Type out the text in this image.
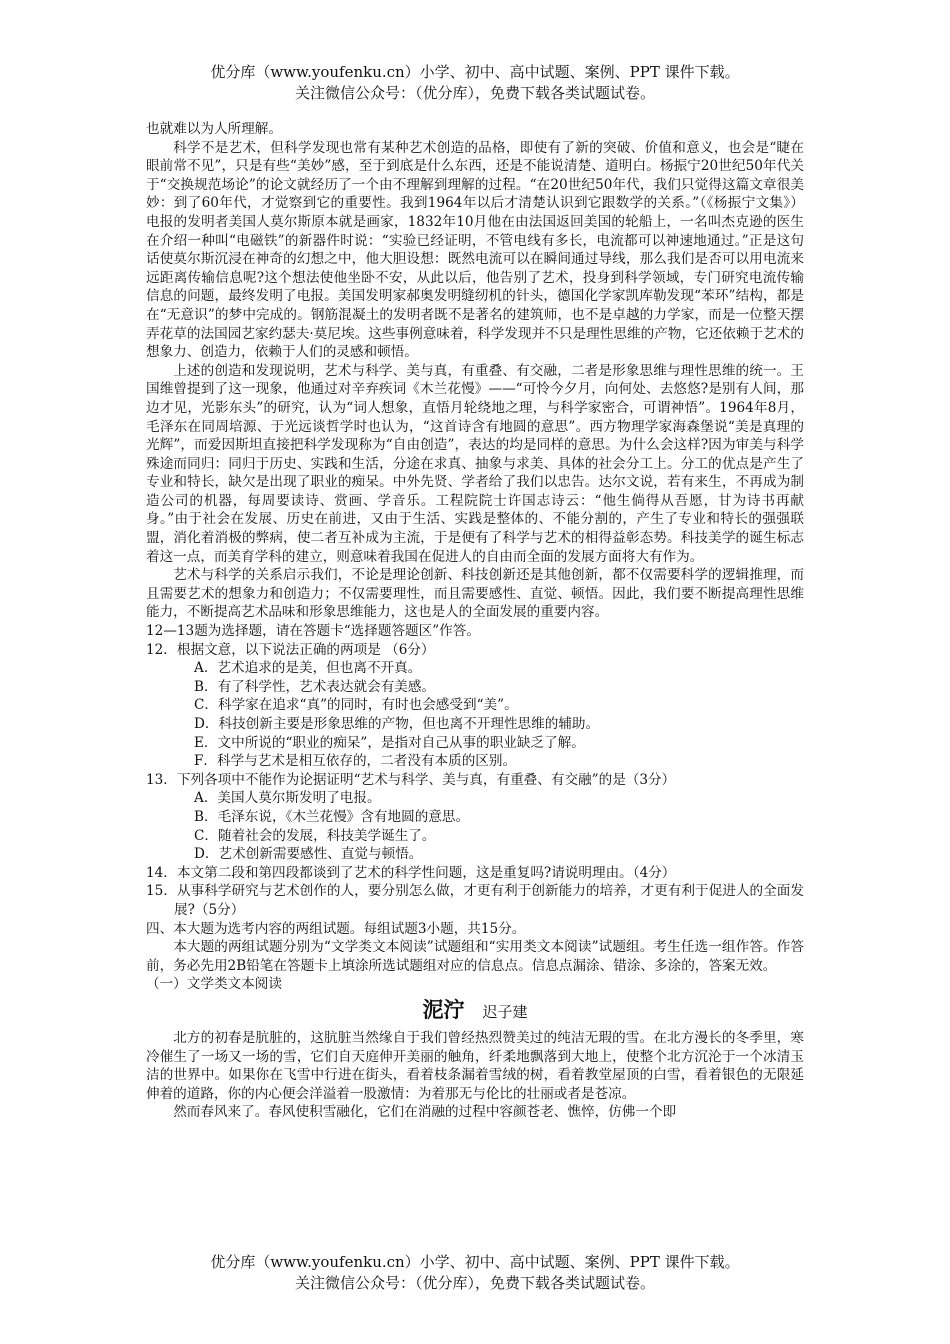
优分库（www.youfenku.cn）小学、初中、高中试题、案例、PPT 课件下载。
关注微信公众号：（优分库），免费下载各类试题试卷。

也就难以为人所理解。

科学不是艺术，但科学发现也常有某种艺术创造的品格，即使有了新的突破、价值和意义，也会是“睫在眼前常不见”，只是有些“美妙”感，至于到底是什么东西，还是不能说清楚、道明白。杨振宁20世纪50年代关于“交换规范场论”的论文就经历了一个由不理解到理解的过程。“在20世纪50年代，我们只觉得这篇文章很美妙：到了60年代，才觉察到它的重要性。我到1964年以后才清楚认识到它跟数学的关系。”（《杨振宁文集》） 电报的发明者美国人莫尔斯原本就是画家，1832年10月他在由法国返回美国的轮船上，一名叫杰克逊的医生在介绍一种叫“电磁铁”的新器件时说：“实验已经证明，不管电线有多长，电流都可以神速地通过。”正是这句话使莫尔斯沉浸在神奇的幻想之中，他大胆设想：既然电流可以在瞬间通过导线，那么我们是否可以用电流来远距离传输信息呢?这个想法使他坐卧不安，从此以后，他告别了艺术，投身到科学领域，专门研究电流传输信息的问题，最终发明了电报。美国发明家郝奥发明缝纫机的针头，德国化学家凯库勒发现“苯环”结构，都是在“无意识”的梦中完成的。钢筋混凝土的发明者既不是著名的建筑师，也不是卓越的力学家，而是一位整天摆弄花草的法国园艺家约瑟夫·莫尼埃。这些事例意味着，科学发现并不只是理性思维的产物，它还依赖于艺术的想象力、创造力，依赖于人们的灵感和顿悟。

上述的创造和发现说明，艺术与科学、美与真，有重叠、有交融，二者是形象思维与理性思维的统一。王国维曾提到了这一现象，他通过对辛弃疾词《木兰花慢》——“可怜今夕月，向何处、去悠悠?是别有人间，那边才见，光影东头”的研究，认为“词人想象，直悟月轮绕地之理，与科学家密合，可谓神悟”。1964年8月，毛泽东在同周培源、于光远谈哲学时也认为，“这首诗含有地圆的意思”。西方物理学家海森堡说“美是真理的光辉”，而爱因斯坦直接把科学发现称为“自由创造”，表达的均是同样的意思。为什么会这样?因为审美与科学殊途而同归：同归于历史、实践和生活，分途在求真、抽象与求美、具体的社会分工上。分工的优点是产生了专业和特长，缺欠是出现了职业的痴呆。中外先贤、学者给了我们以忠告。达尔文说，若有来生，不再成为制造公司的机器，每周要读诗、赏画、学音乐。工程院院士许国志诗云：“他生倘得从吾愿，甘为诗书再献身。”由于社会在发展、历史在前进，又由于生活、实践是整体的、不能分割的，产生了专业和特长的强强联盟，消化着消极的弊病，使二者互补成为主流，于是便有了科学与艺术的相得益彰态势。科技美学的诞生标志着这一点，而美育学科的建立，则意味着我国在促进人的自由而全面的发展方面将大有作为。

艺术与科学的关系启示我们，不论是理论创新、科技创新还是其他创新，都不仅需要科学的逻辑推理，而且需要艺术的想象力和创造力；不仅需要理性，而且需要感性、直觉、顿悟。因此，我们要不断提高理性思维能力，不断提高艺术品味和形象思维能力，这也是人的全面发展的重要内容。

12—13题为选择题，请在答题卡“选择题答题区”作答。

12．根据文意，以下说法正确的两项是 （6分）

A．艺术追求的是美，但也离不开真。

B．有了科学性，艺术表达就会有美感。

C．科学家在追求“真”的同时，有时也会感受到“美”。

D．科技创新主要是形象思维的产物，但也离不开理性思维的辅助。

E．文中所说的“职业的痴呆”，是指对自己从事的职业缺乏了解。

F．科学与艺术是相互依存的，二者没有本质的区别。

13．下列各项中不能作为论据证明“艺术与科学、美与真，有重叠、有交融”的是（3分）

A．美国人莫尔斯发明了电报。

B．毛泽东说，《木兰花慢》含有地圆的意思。

C．随着社会的发展，科技美学诞生了。

D．艺术创新需要感性、直觉与顿悟。

14．本文第二段和第四段都谈到了艺术的科学性问题，这是重复吗?请说明理由。（4分）

15．从事科学研究与艺术创作的人，要分别怎么做，才更有利于创新能力的培养，才更有利于促进人的全面发展?（5分）

四、本大题为选考内容的两组试题。每组试题3小题，共15分。

本大题的两组试题分别为“文学类文本阅读”试题组和“实用类文本阅读”试题组。考生任选一组作答。作答前，务必先用2B铅笔在答题卡上填涂所选试题组对应的信息点。信息点漏涂、错涂、多涂的，答案无效。

（一）文学类文本阅读

泥泞 迟子建

北方的初春是肮脏的，这肮脏当然缘自于我们曾经热烈赞美过的纯洁无瑕的雪。在北方漫长的冬季里，寒冷催生了一场又一场的雪，它们自天庭伸开美丽的触角，纤柔地飘落到大地上，使整个北方沉沦于一个冰清玉洁的世界中。如果你在飞雪中行进在街头，看着枝条漏着雪绒的树，看着教堂屋顶的白雪，看着银色的无限延伸着的道路，你的内心便会洋溢着一股激情：为着那无与伦比的壮丽或者是苍凉。

然而春风来了。春风使积雪融化，它们在消融的过程中容颜苍老、憔悴，仿佛一个即

优分库（www.youfenku.cn）小学、初中、高中试题、案例、PPT 课件下载。
关注微信公众号：（优分库），免费下载各类试题试卷。
